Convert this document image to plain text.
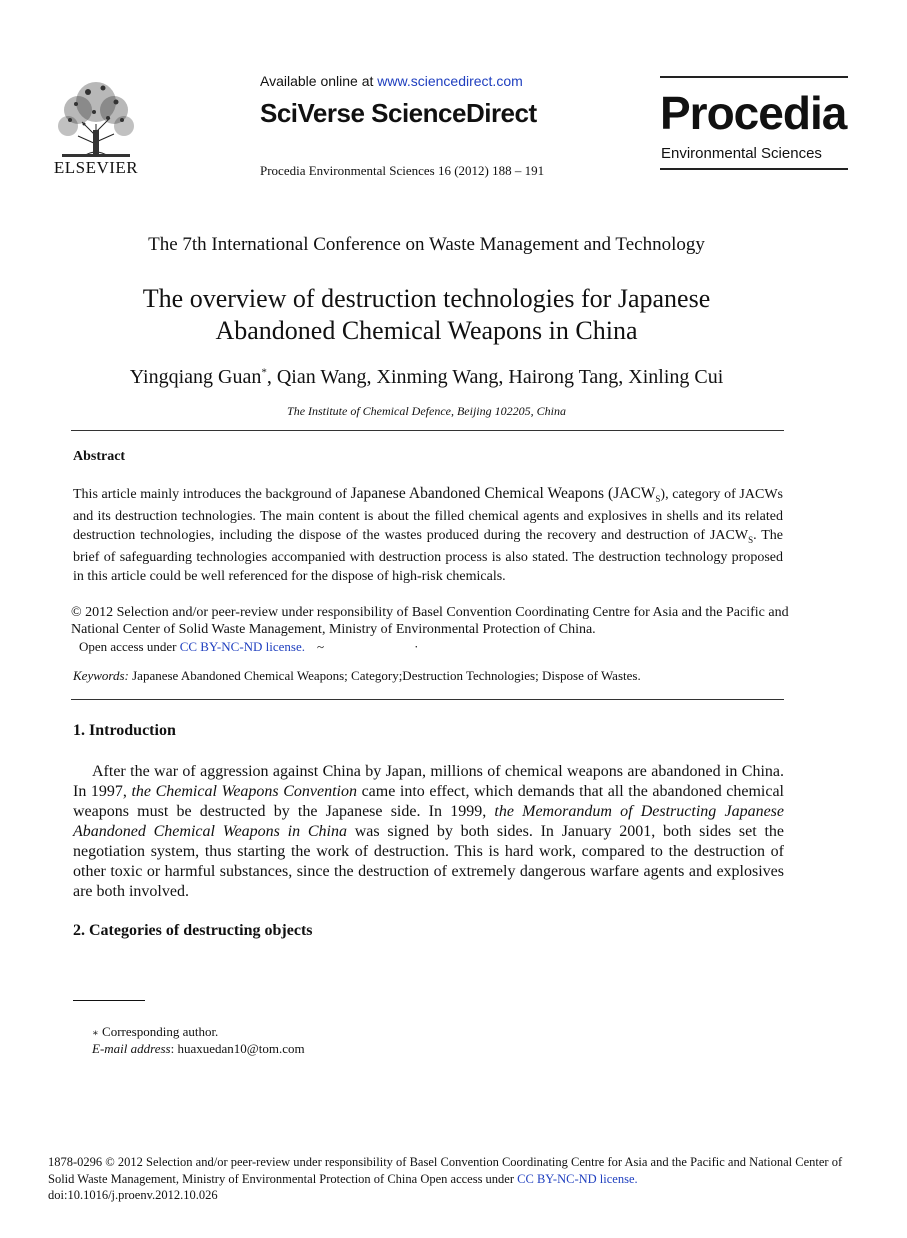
ELSEVIER
Available online at www.sciencedirect.com
SciVerse ScienceDirect
Procedia Environmental Sciences 16 (2012) 188 – 191
Procedia
Environmental Sciences
The 7th International Conference on Waste Management and Technology
The overview of destruction technologies for Japanese
Abandoned Chemical Weapons in China
Yingqiang Guan*, Qian Wang, Xinming Wang, Hairong Tang, Xinling Cui
The Institute of Chemical Defence, Beijing 102205, China
Abstract
This article mainly introduces the background of Japanese Abandoned Chemical Weapons $(JACW_S)$, category of JACWs and its destruction technologies. The main content is about the filled chemical agents and explosives in shells and its related destruction technologies, including the dispose of the wastes produced during the recovery and destruction of $JACW_S$. The brief of safeguarding technologies accompanied with destruction process is also stated. The destruction technology proposed in this article could be well referenced for the dispose of high-risk chemicals.
© 2012 Selection and/or peer-review under responsibility of Basel Convention Coordinating Centre for Asia and the Pacific and National Center of Solid Waste Management, Ministry of Environmental Protection of China.
Open access under CC BY-NC-ND license. ~	·
Keywords: Japanese Abandoned Chemical Weapons; Category;Destruction Technologies; Dispose of Wastes.
1. Introduction
After the war of aggression against China by Japan, millions of chemical weapons are abandoned in China. In 1997, the Chemical Weapons Convention came into effect, which demands that all the abandoned chemical weapons must be destructed by the Japanese side. In 1999, the Memorandum of Destructing Japanese Abandoned Chemical Weapons in China was signed by both sides. In January 2001, both sides set the negotiation system, thus starting the work of destruction. This is hard work, compared to the destruction of other toxic or harmful substances, since the destruction of extremely dangerous warfare agents and explosives are both involved.
2. Categories of destructing objects
∗ Corresponding author.
E-mail address: huaxuedan10@tom.com
1878-0296 © 2012 Selection and/or peer-review under responsibility of Basel Convention Coordinating Centre for Asia and the Pacific and National Center of Solid Waste Management, Ministry of Environmental Protection of China Open access under CC BY-NC-ND license.
doi:10.1016/j.proenv.2012.10.026
